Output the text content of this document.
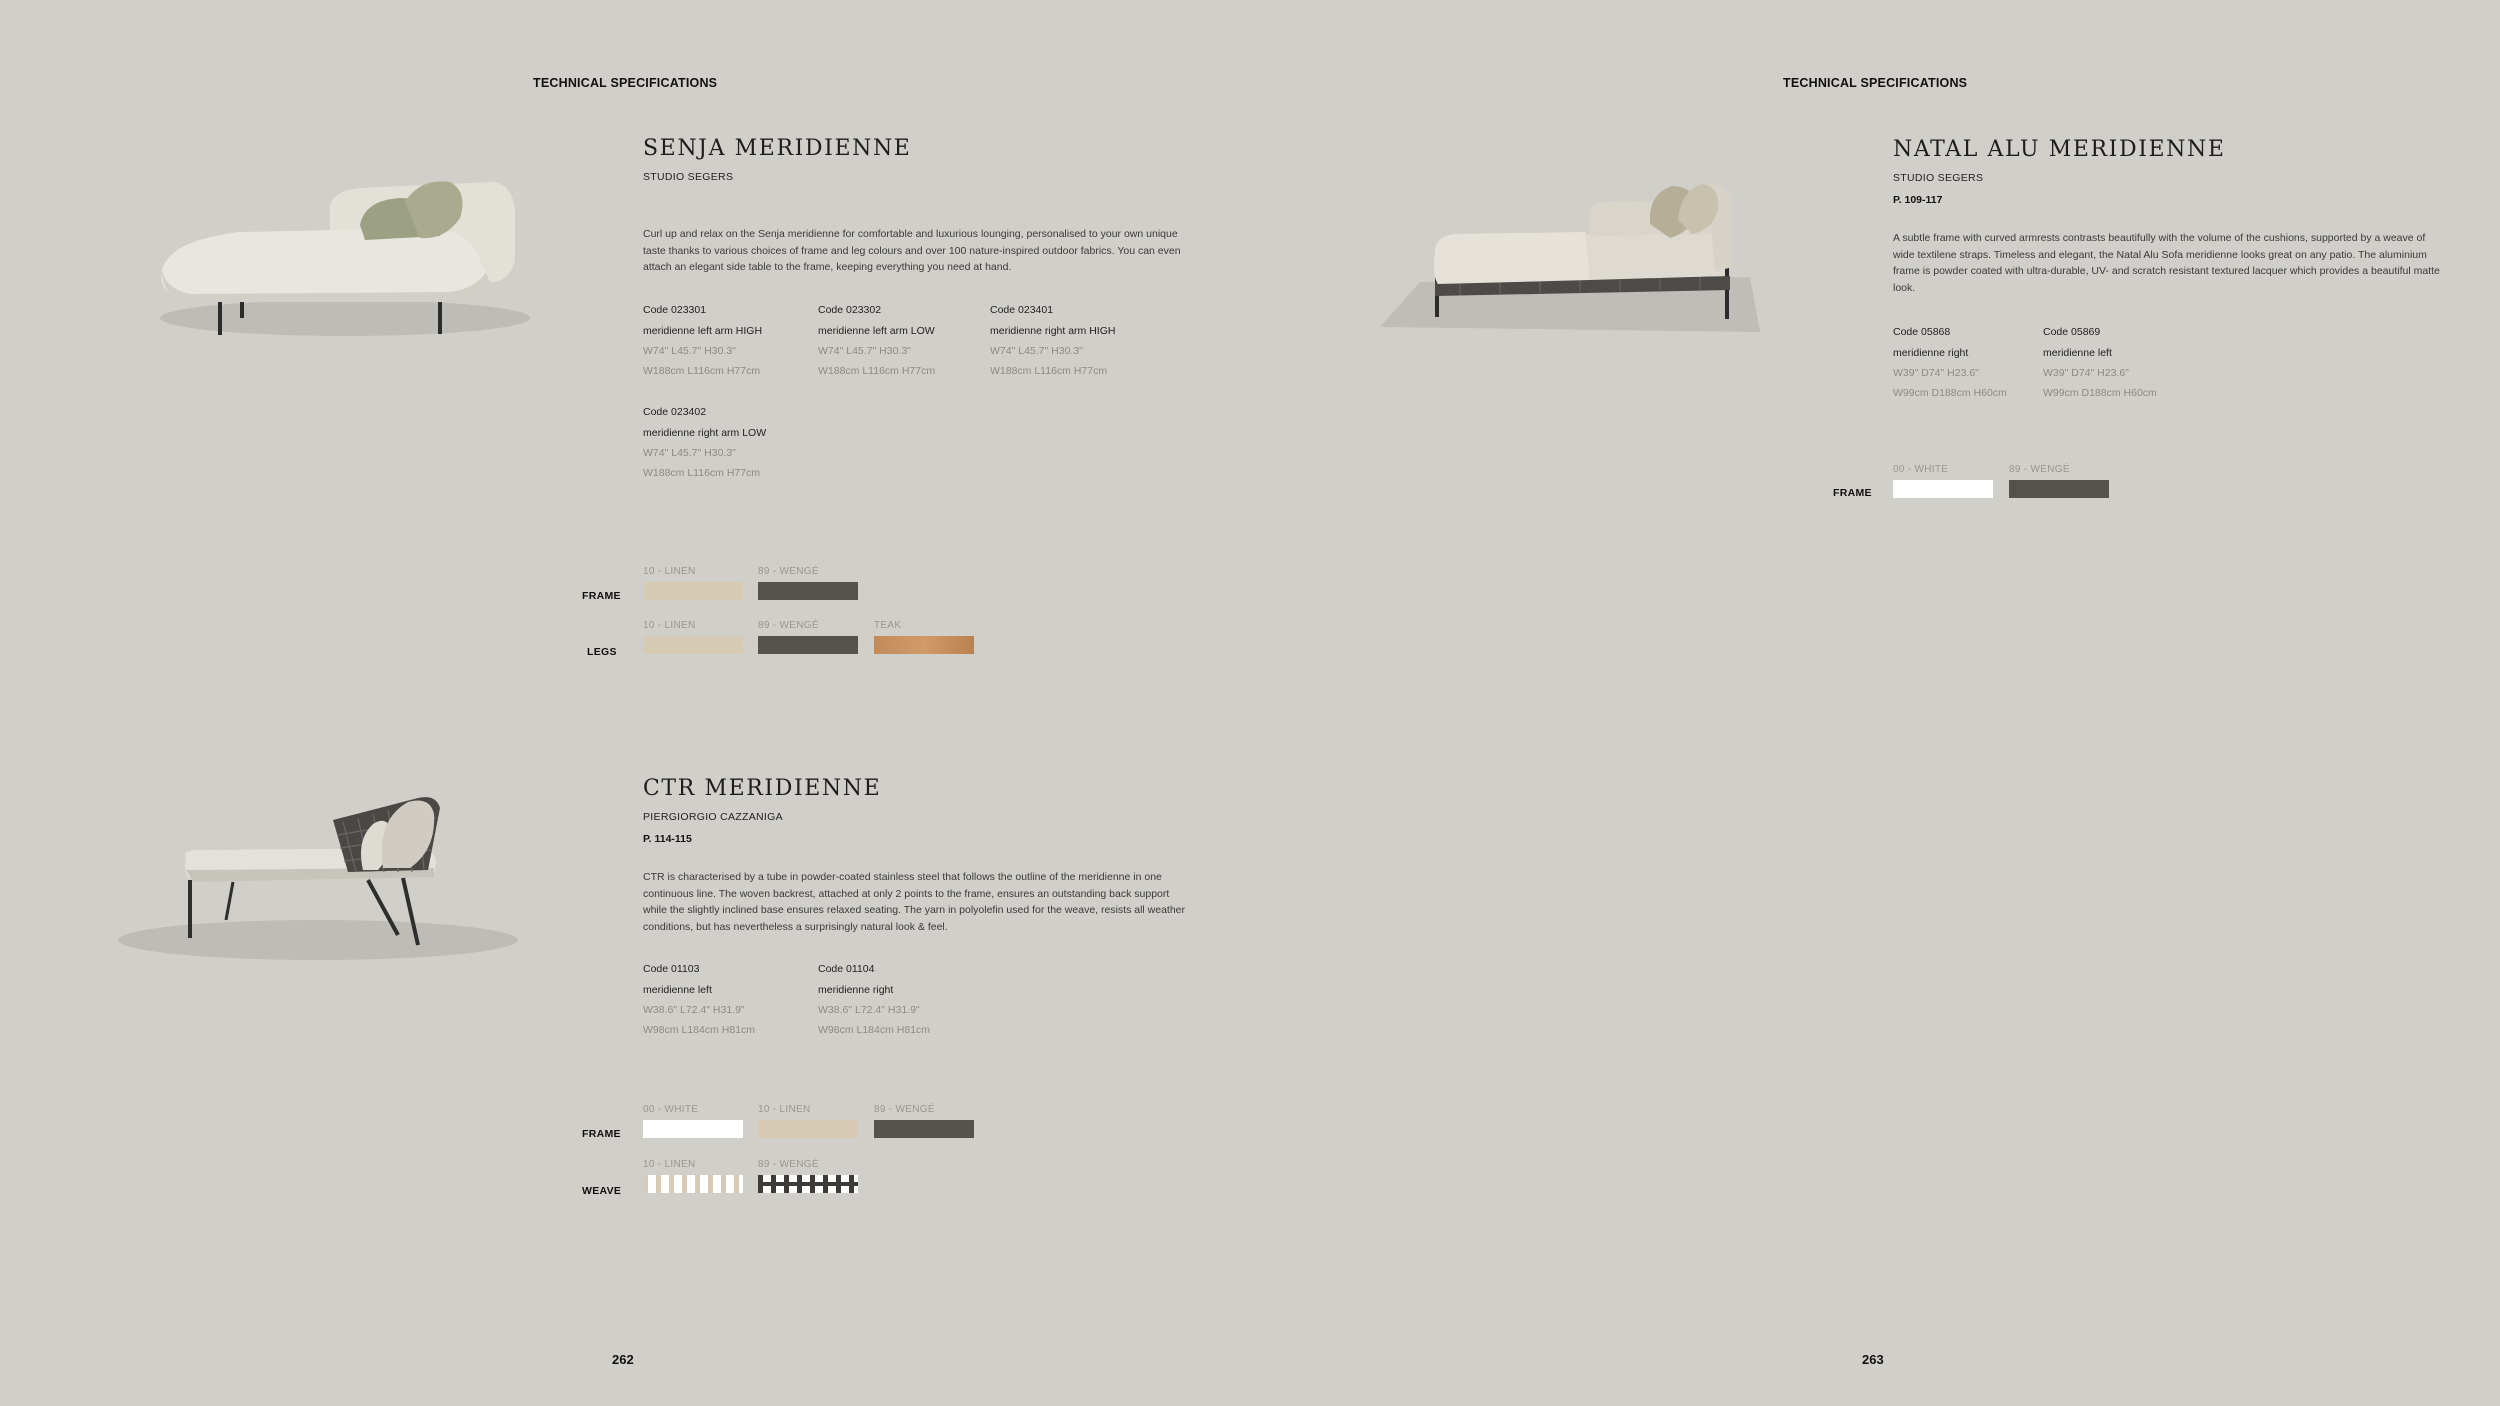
TECHNICAL SPECIFICATIONS
SENJA MERIDIENNE
STUDIO SEGERS
Curl up and relax on the Senja meridienne for comfortable and luxurious lounging, personalised to your own unique taste thanks to various choices of frame and leg colours and over 100 nature-inspired outdoor fabrics. You can even attach an elegant side table to the frame, keeping everything you need at hand.
Code 023301
meridienne left arm HIGH
W74" L45.7" H30.3"
W188cm L116cm H77cm
Code 023302
meridienne left arm LOW
W74" L45.7" H30.3"
W188cm L116cm H77cm
Code 023401
meridienne right arm HIGH
W74" L45.7" H30.3"
W188cm L116cm H77cm
Code 023402
meridienne right arm LOW
W74" L45.7" H30.3"
W188cm L116cm H77cm
FRAME
10 - LINEN	89 - WENGÉ
LEGS
10 - LINEN	89 - WENGÉ	TEAK
CTR MERIDIENNE
PIERGIORGIO CAZZANIGA
P. 114-115
CTR is characterised by a tube in powder-coated stainless steel that follows the outline of the meridienne in one continuous line. The woven backrest, attached at only 2 points to the frame, ensures an outstanding back support while the slightly inclined base ensures relaxed seating. The yarn in polyolefin used for the weave, resists all weather conditions, but has nevertheless a surprisingly natural look & feel.
Code 01103
meridienne left
W38.6" L72.4" H31.9"
W98cm L184cm H81cm
Code 01104
meridienne right
W38.6" L72.4" H31.9"
W98cm L184cm H81cm
FRAME
00 - WHITE	10 - LINEN	89 - WENGÉ
WEAVE
10 - LINEN	89 - WENGÉ
262
TECHNICAL SPECIFICATIONS
NATAL ALU MERIDIENNE
STUDIO SEGERS
P. 109-117
A subtle frame with curved armrests contrasts beautifully with the volume of the cushions, supported by a weave of wide textilene straps. Timeless and elegant, the Natal Alu Sofa meridienne looks great on any patio. The aluminium frame is powder coated with ultra-durable, UV- and scratch resistant textured lacquer which provides a beautiful matte look.
Code 05868
meridienne right
W39" D74" H23.6"
W99cm D188cm H60cm
Code 05869
meridienne left
W39" D74" H23.6"
W99cm D188cm H60cm
FRAME
00 - WHITE	89 - WENGÉ
263
